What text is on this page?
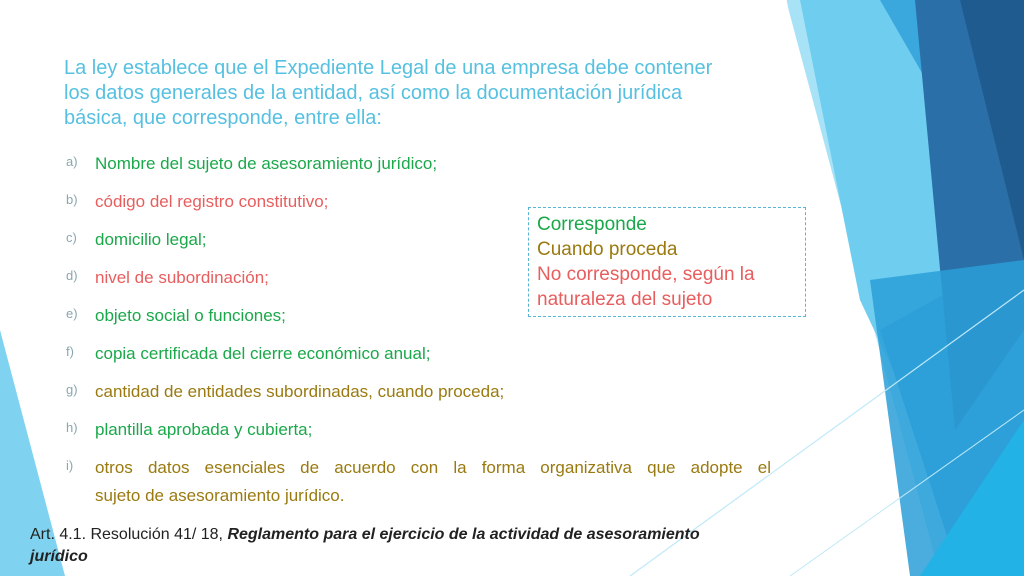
La ley establece que el Expediente Legal de una empresa debe contener
los datos generales de la entidad, así como la documentación jurídica
básica, que corresponde, entre ella:
a) Nombre del sujeto de asesoramiento jurídico;
b) código del registro constitutivo;
c) domicilio legal;
d) nivel de subordinación;
e) objeto social o funciones;
f) copia certificada del cierre económico anual;
g) cantidad de entidades subordinadas, cuando proceda;
h) plantilla aprobada y cubierta;
i) otros datos esenciales de acuerdo con la forma organizativa que adopte el
sujeto de asesoramiento jurídico.
Corresponde
Cuando proceda
No corresponde, según la
naturaleza del sujeto
Art. 4.1. Resolución 41/ 18, Reglamento para el ejercicio de la actividad de asesoramiento
jurídico
